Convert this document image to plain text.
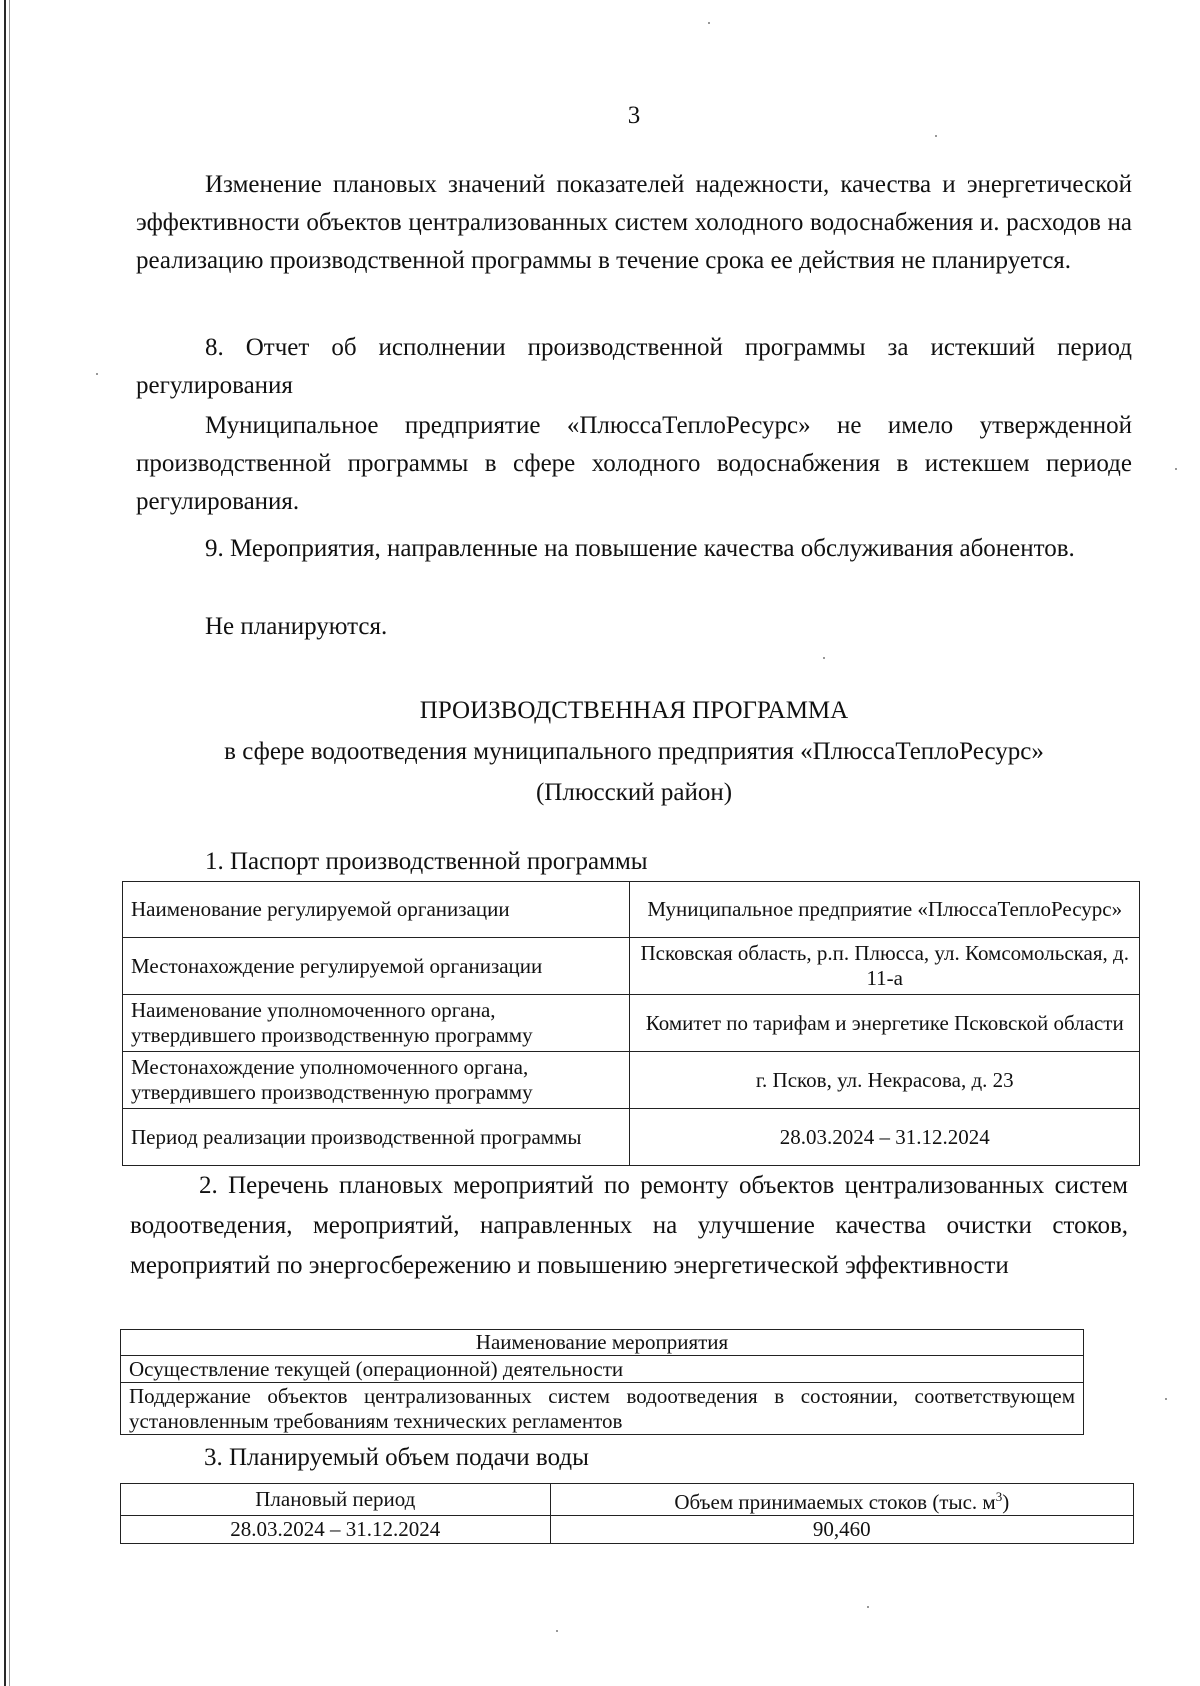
3
Изменение плановых значений показателей надежности, качества и энергетической эффективности объектов централизованных систем холодного водоснабжения и. расходов на реализацию производственной программы в течение срока ее действия не планируется.
8. Отчет об исполнении производственной программы за истекший период регулирования
Муниципальное предприятие «ПлюссаТеплоРесурс» не имело утвержденной производственной программы в сфере холодного водоснабжения в истекшем периоде регулирования.
9. Мероприятия, направленные на повышение качества обслуживания абонентов.
Не планируются.
ПРОИЗВОДСТВЕННАЯ ПРОГРАММА
в сфере водоотведения муниципального предприятия «ПлюссаТеплоРесурс»
(Плюсский район)
1. Паспорт производственной программы
Наименование регулируемой организации	Муниципальное предприятие «ПлюссаТеплоРесурс»
Местонахождение регулируемой организации	Псковская область, р.п. Плюсса, ул. Комсомольская, д. 11-а
Наименование уполномоченного органа, утвердившего производственную программу	Комитет по тарифам и энергетике Псковской области
Местонахождение уполномоченного органа, утвердившего производственную программу	г. Псков, ул. Некрасова, д. 23
Период реализации производственной программы	28.03.2024 – 31.12.2024
2. Перечень плановых мероприятий по ремонту объектов централизованных систем водоотведения, мероприятий, направленных на улучшение качества очистки стоков, мероприятий по энергосбережению и повышению энергетической эффективности
Наименование мероприятия
Осуществление текущей (операционной) деятельности
Поддержание объектов централизованных систем водоотведения в состоянии, соответствующем установленным требованиям технических регламентов
3. Планируемый объем подачи воды
Плановый период	Объем принимаемых стоков (тыс. $м^3$)
28.03.2024 – 31.12.2024	90,460
